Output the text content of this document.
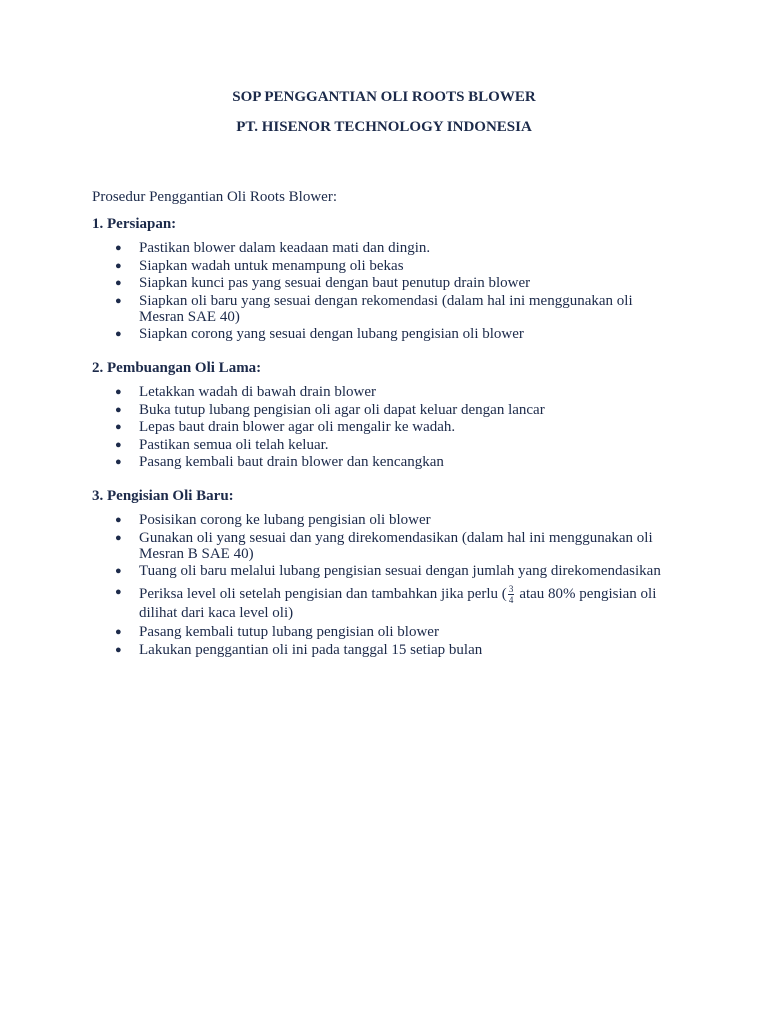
SOP PENGGANTIAN OLI ROOTS BLOWER

PT. HISENOR TECHNOLOGY INDONESIA

Prosedur Penggantian Oli Roots Blower:

1. Persiapan:

● Pastikan blower dalam keadaan mati dan dingin.
● Siapkan wadah untuk menampung oli bekas
● Siapkan kunci pas yang sesuai dengan baut penutup drain blower
● Siapkan oli baru yang sesuai dengan rekomendasi (dalam hal ini menggunakan oli Mesran SAE 40)
● Siapkan corong yang sesuai dengan lubang pengisian oli blower

2. Pembuangan Oli Lama:

● Letakkan wadah di bawah drain blower
● Buka tutup lubang pengisian oli agar oli dapat keluar dengan lancar
● Lepas baut drain blower agar oli mengalir ke wadah.
● Pastikan semua oli telah keluar.
● Pasang kembali baut drain blower dan kencangkan

3. Pengisian Oli Baru:

● Posisikan corong ke lubang pengisian oli blower
● Gunakan oli yang sesuai dan yang direkomendasikan (dalam hal ini menggunakan oli Mesran B SAE 40)
● Tuang oli baru melalui lubang pengisian sesuai dengan jumlah yang direkomendasikan
● Periksa level oli setelah pengisian dan tambahkan jika perlu ( $\frac{3}{4}$ atau 80% pengisian oli dilihat dari kaca level oli)
● Pasang kembali tutup lubang pengisian oli blower
● Lakukan penggantian oli ini pada tanggal 15 setiap bulan
